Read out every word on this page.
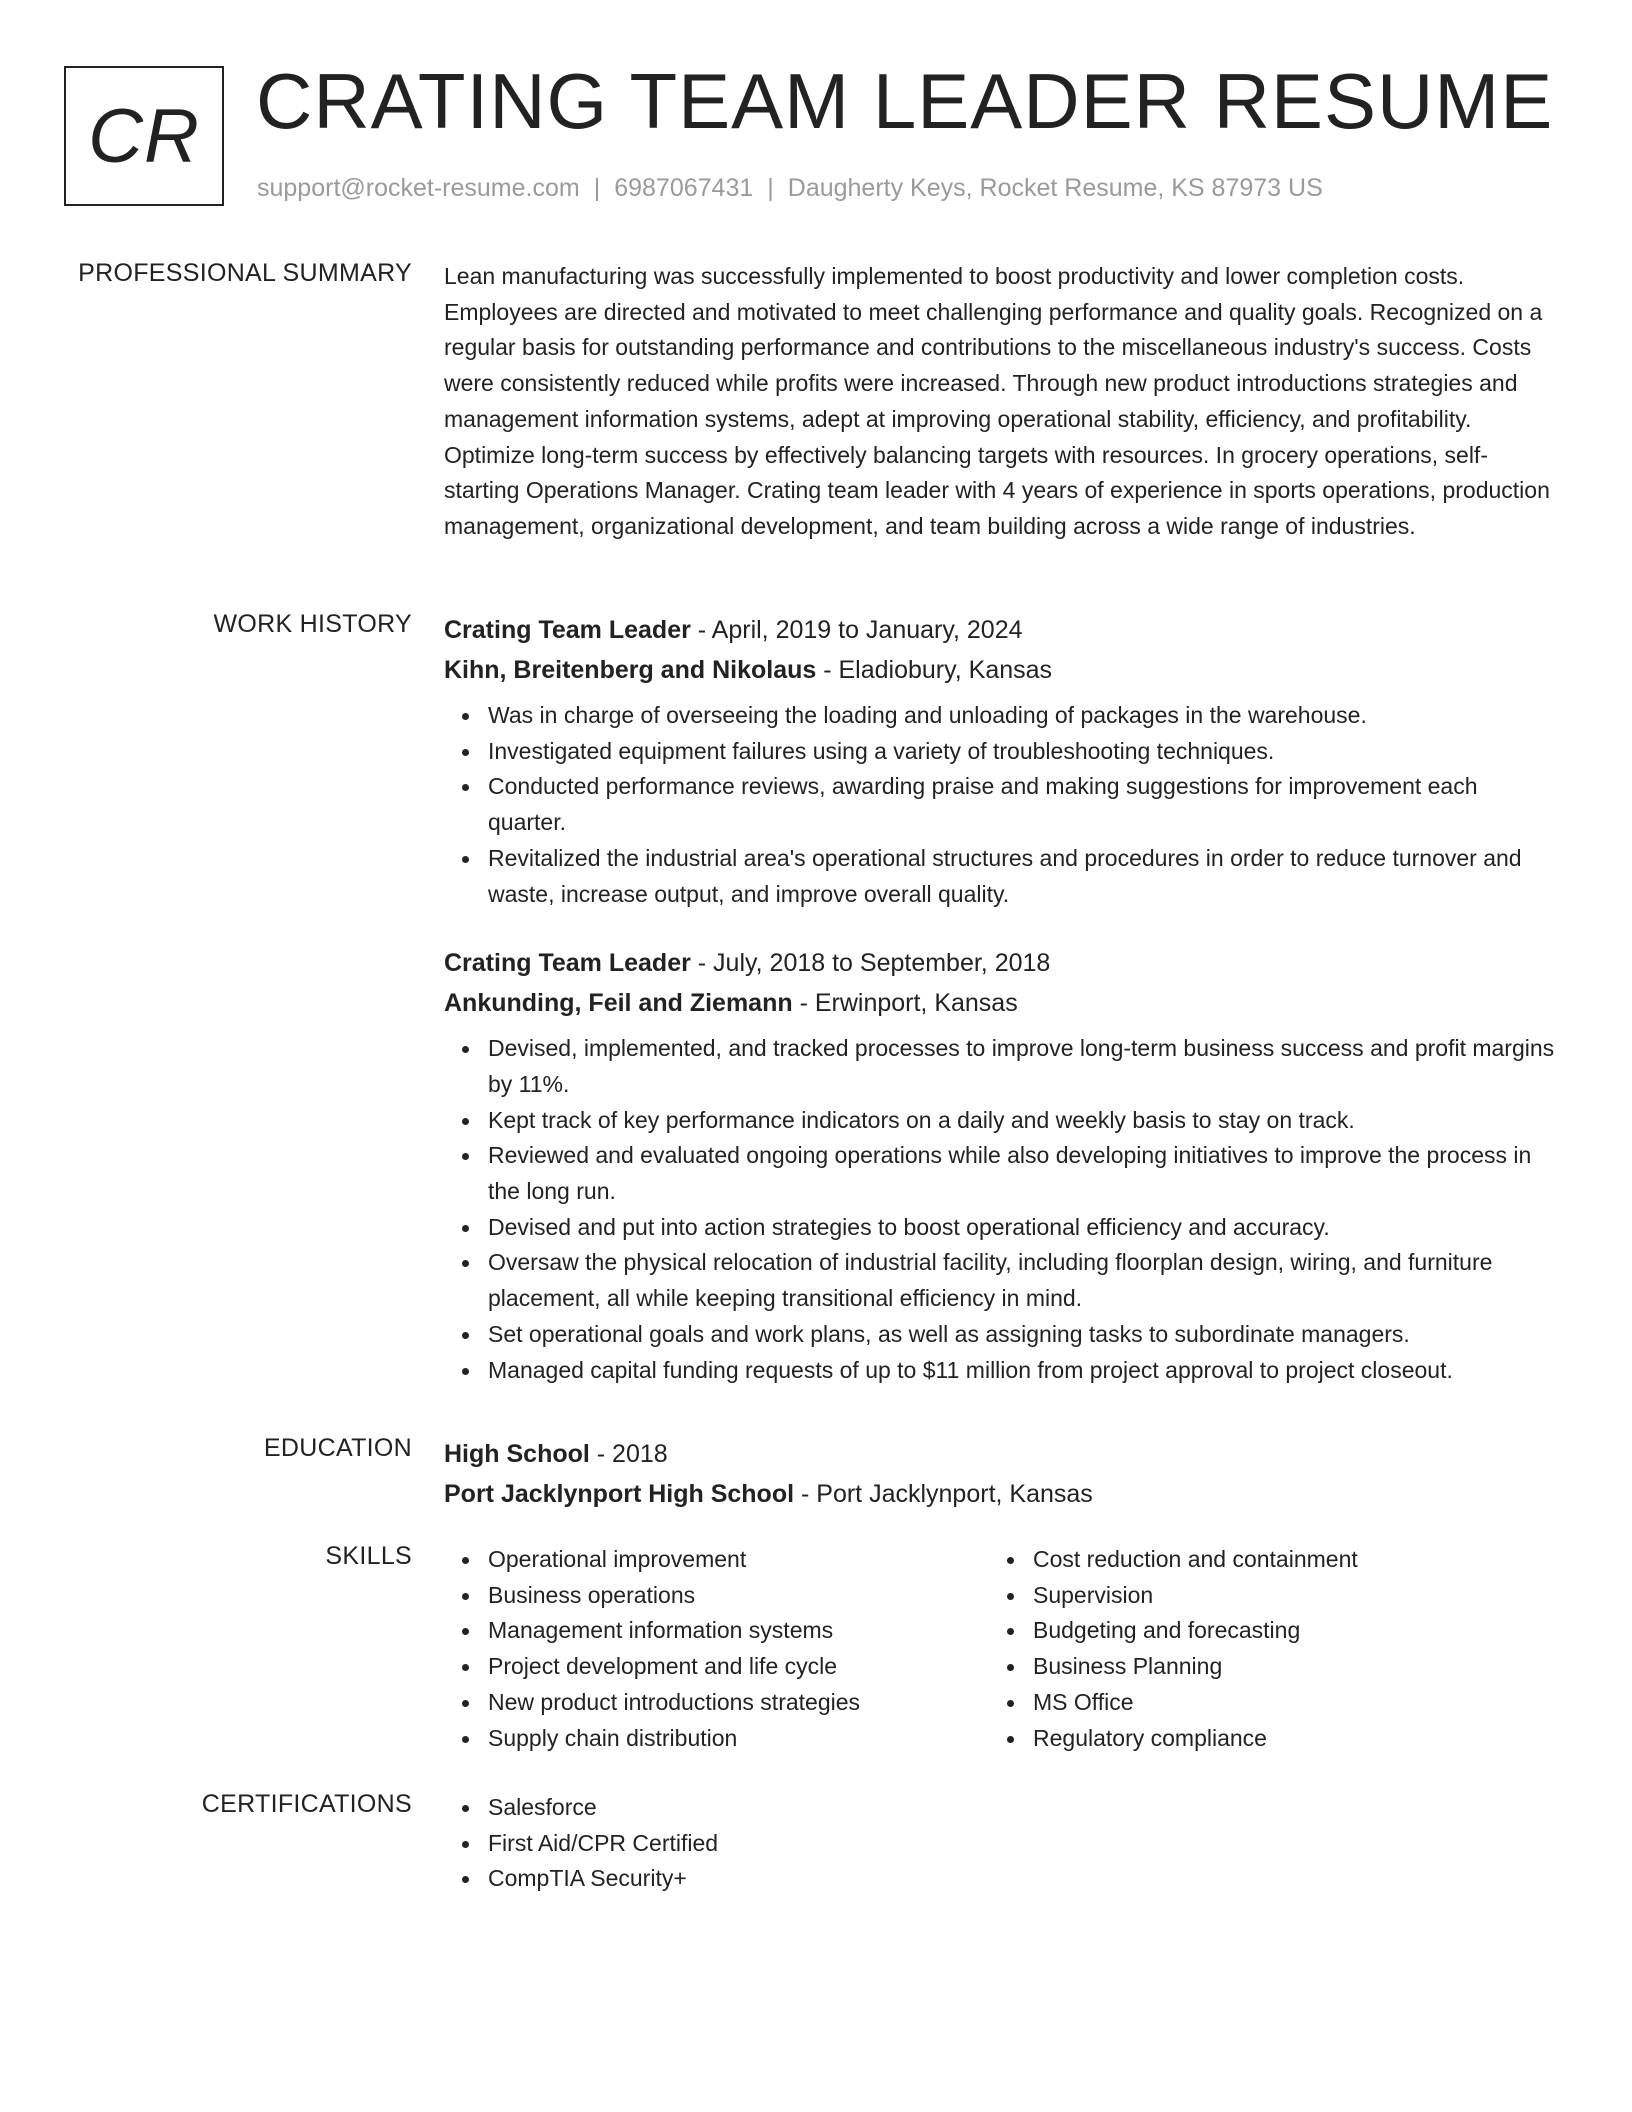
CR CRATING TEAM LEADER RESUME
support@rocket-resume.com | 6987067431 | Daugherty Keys, Rocket Resume, KS 87973 US
PROFESSIONAL SUMMARY Lean manufacturing was successfully implemented to boost productivity and lower completion costs. Employees are directed and motivated to meet challenging performance and quality goals. Recognized on a regular basis for outstanding performance and contributions to the miscellaneous industry's success. Costs were consistently reduced while profits were increased. Through new product introductions strategies and management information systems, adept at improving operational stability, efficiency, and profitability. Optimize long-term success by effectively balancing targets with resources. In grocery operations, self-starting Operations Manager. Crating team leader with 4 years of experience in sports operations, production management, organizational development, and team building across a wide range of industries.

WORK HISTORY Crating Team Leader - April, 2019 to January, 2024
Kihn, Breitenberg and Nikolaus - Eladiobury, Kansas
Was in charge of overseeing the loading and unloading of packages in the warehouse.
Investigated equipment failures using a variety of troubleshooting techniques.
Conducted performance reviews, awarding praise and making suggestions for improvement each quarter.
Revitalized the industrial area's operational structures and procedures in order to reduce turnover and waste, increase output, and improve overall quality.
Crating Team Leader - July, 2018 to September, 2018
Ankunding, Feil and Ziemann - Erwinport, Kansas
Devised, implemented, and tracked processes to improve long-term business success and profit margins by 11%.
Kept track of key performance indicators on a daily and weekly basis to stay on track.
Reviewed and evaluated ongoing operations while also developing initiatives to improve the process in the long run.
Devised and put into action strategies to boost operational efficiency and accuracy.
Oversaw the physical relocation of industrial facility, including floorplan design, wiring, and furniture placement, all while keeping transitional efficiency in mind.
Set operational goals and work plans, as well as assigning tasks to subordinate managers.
Managed capital funding requests of up to $11 million from project approval to project closeout.
EDUCATION High School - 2018
Port Jacklynport High School - Port Jacklynport, Kansas
SKILLS	Operational improvement
Business operations
Management information systems
Project development and life cycle
New product introductions strategies
Supply chain distribution
Cost reduction and containment
Supervision
Budgeting and forecasting
Business Planning
MS Office
Regulatory compliance
CERTIFICATIONS	Salesforce
First Aid/CPR Certified
CompTIA Security+
